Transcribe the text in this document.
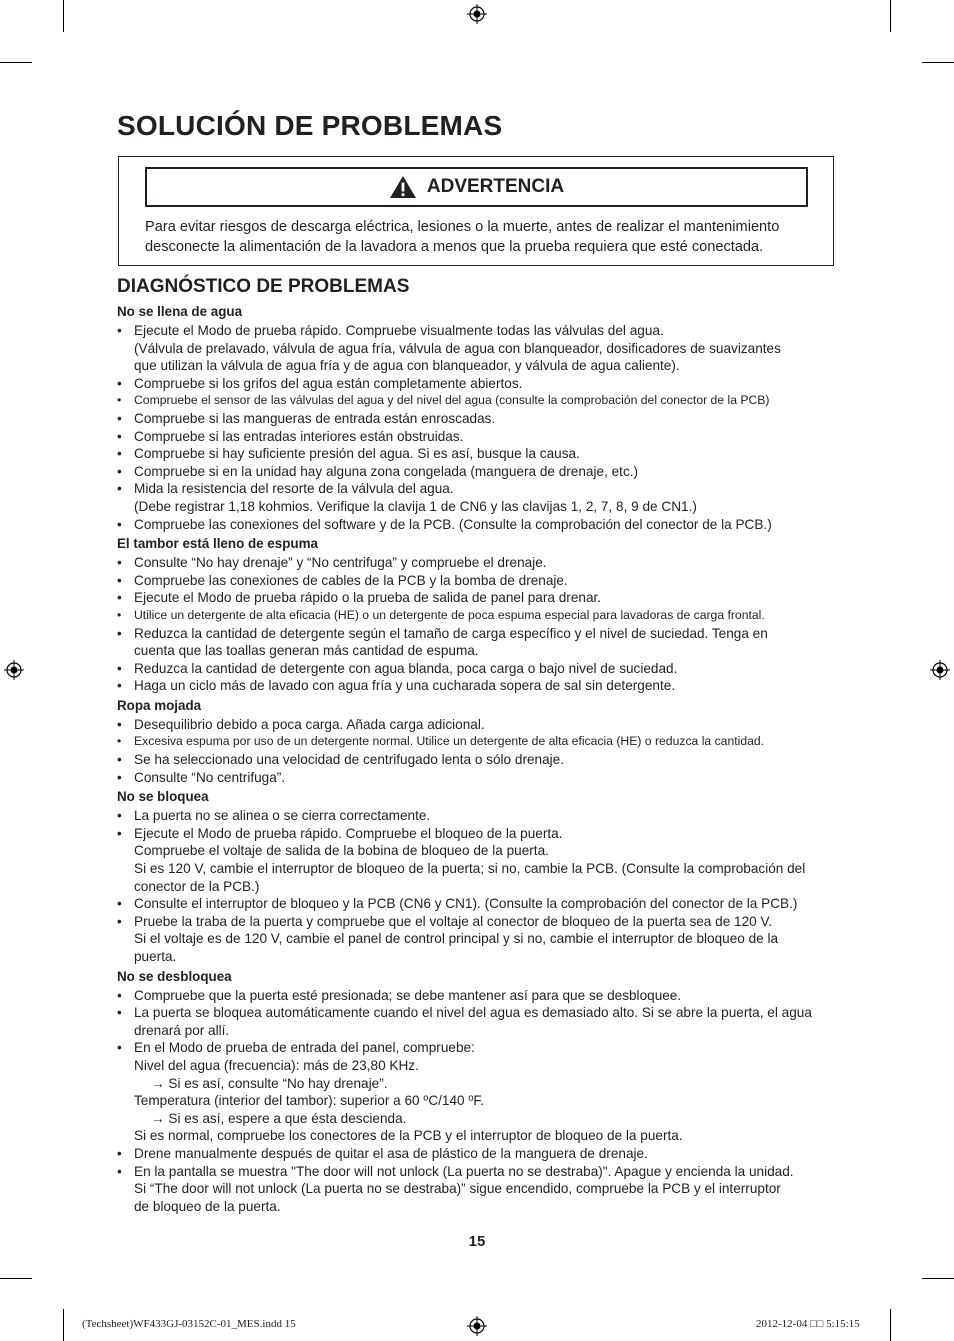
SOLUCIÓN DE PROBLEMAS
ADVERTENCIA
Para evitar riesgos de descarga eléctrica, lesiones o la muerte, antes de realizar el mantenimiento
desconecte la alimentación de la lavadora a menos que la prueba requiera que esté conectada.
DIAGNÓSTICO DE PROBLEMAS
No se llena de agua
• Ejecute el Modo de prueba rápido. Compruebe visualmente todas las válvulas del agua.
(Válvula de prelavado, válvula de agua fría, válvula de agua con blanqueador, dosificadores de suavizantes
que utilizan la válvula de agua fría y de agua con blanqueador, y válvula de agua caliente).
• Compruebe si los grifos del agua están completamente abiertos.
• Compruebe el sensor de las válvulas del agua y del nivel del agua (consulte la comprobación del conector de la PCB)
• Compruebe si las mangueras de entrada están enroscadas.
• Compruebe si las entradas interiores están obstruidas.
• Compruebe si hay suficiente presión del agua. Si es así, busque la causa.
• Compruebe si en la unidad hay alguna zona congelada (manguera de drenaje, etc.)
• Mida la resistencia del resorte de la válvula del agua.
(Debe registrar 1,18 kohmios. Verifique la clavija 1 de CN6 y las clavijas 1, 2, 7, 8, 9 de CN1.)
• Compruebe las conexiones del software y de la PCB. (Consulte la comprobación del conector de la PCB.)
El tambor está lleno de espuma
• Consulte “No hay drenaje” y “No centrifuga” y compruebe el drenaje.
• Compruebe las conexiones de cables de la PCB y la bomba de drenaje.
• Ejecute el Modo de prueba rápido o la prueba de salida de panel para drenar.
• Utilice un detergente de alta eficacia (HE) o un detergente de poca espuma especial para lavadoras de carga frontal.
• Reduzca la cantidad de detergente según el tamaño de carga específico y el nivel de suciedad. Tenga en
cuenta que las toallas generan más cantidad de espuma.
• Reduzca la cantidad de detergente con agua blanda, poca carga o bajo nivel de suciedad.
• Haga un ciclo más de lavado con agua fría y una cucharada sopera de sal sin detergente.
Ropa mojada
• Desequilibrio debido a poca carga. Añada carga adicional.
• Excesiva espuma por uso de un detergente normal. Utilice un detergente de alta eficacia (HE) o reduzca la cantidad.
• Se ha seleccionado una velocidad de centrifugado lenta o sólo drenaje.
• Consulte “No centrifuga”.
No se bloquea
• La puerta no se alinea o se cierra correctamente.
• Ejecute el Modo de prueba rápido. Compruebe el bloqueo de la puerta.
Compruebe el voltaje de salida de la bobina de bloqueo de la puerta.
Si es 120 V, cambie el interruptor de bloqueo de la puerta; si no, cambie la PCB. (Consulte la comprobación del
conector de la PCB.)
• Consulte el interruptor de bloqueo y la PCB (CN6 y CN1). (Consulte la comprobación del conector de la PCB.)
• Pruebe la traba de la puerta y compruebe que el voltaje al conector de bloqueo de la puerta sea de 120 V.
Si el voltaje es de 120 V, cambie el panel de control principal y si no, cambie el interruptor de bloqueo de la
puerta.
No se desbloquea
• Compruebe que la puerta esté presionada; se debe mantener así para que se desbloquee.
• La puerta se bloquea automáticamente cuando el nivel del agua es demasiado alto. Si se abre la puerta, el agua
drenará por allí.
• En el Modo de prueba de entrada del panel, compruebe:
Nivel del agua (frecuencia): más de 23,80 KHz.
→ Si es así, consulte “No hay drenaje”.
Temperatura (interior del tambor): superior a 60 ºC/140 ºF.
→ Si es así, espere a que ésta descienda.
Si es normal, compruebe los conectores de la PCB y el interruptor de bloqueo de la puerta.
• Drene manualmente después de quitar el asa de plástico de la manguera de drenaje.
• En la pantalla se muestra "The door will not unlock (La puerta no se destraba)". Apague y encienda la unidad.
Si “The door will not unlock (La puerta no se destraba)” sigue encendido, compruebe la PCB y el interruptor
de bloqueo de la puerta.
15
(Techsheet)WF433GJ-03152C-01_MES.indd 15	2012-12-04 □□ 5:15:15
